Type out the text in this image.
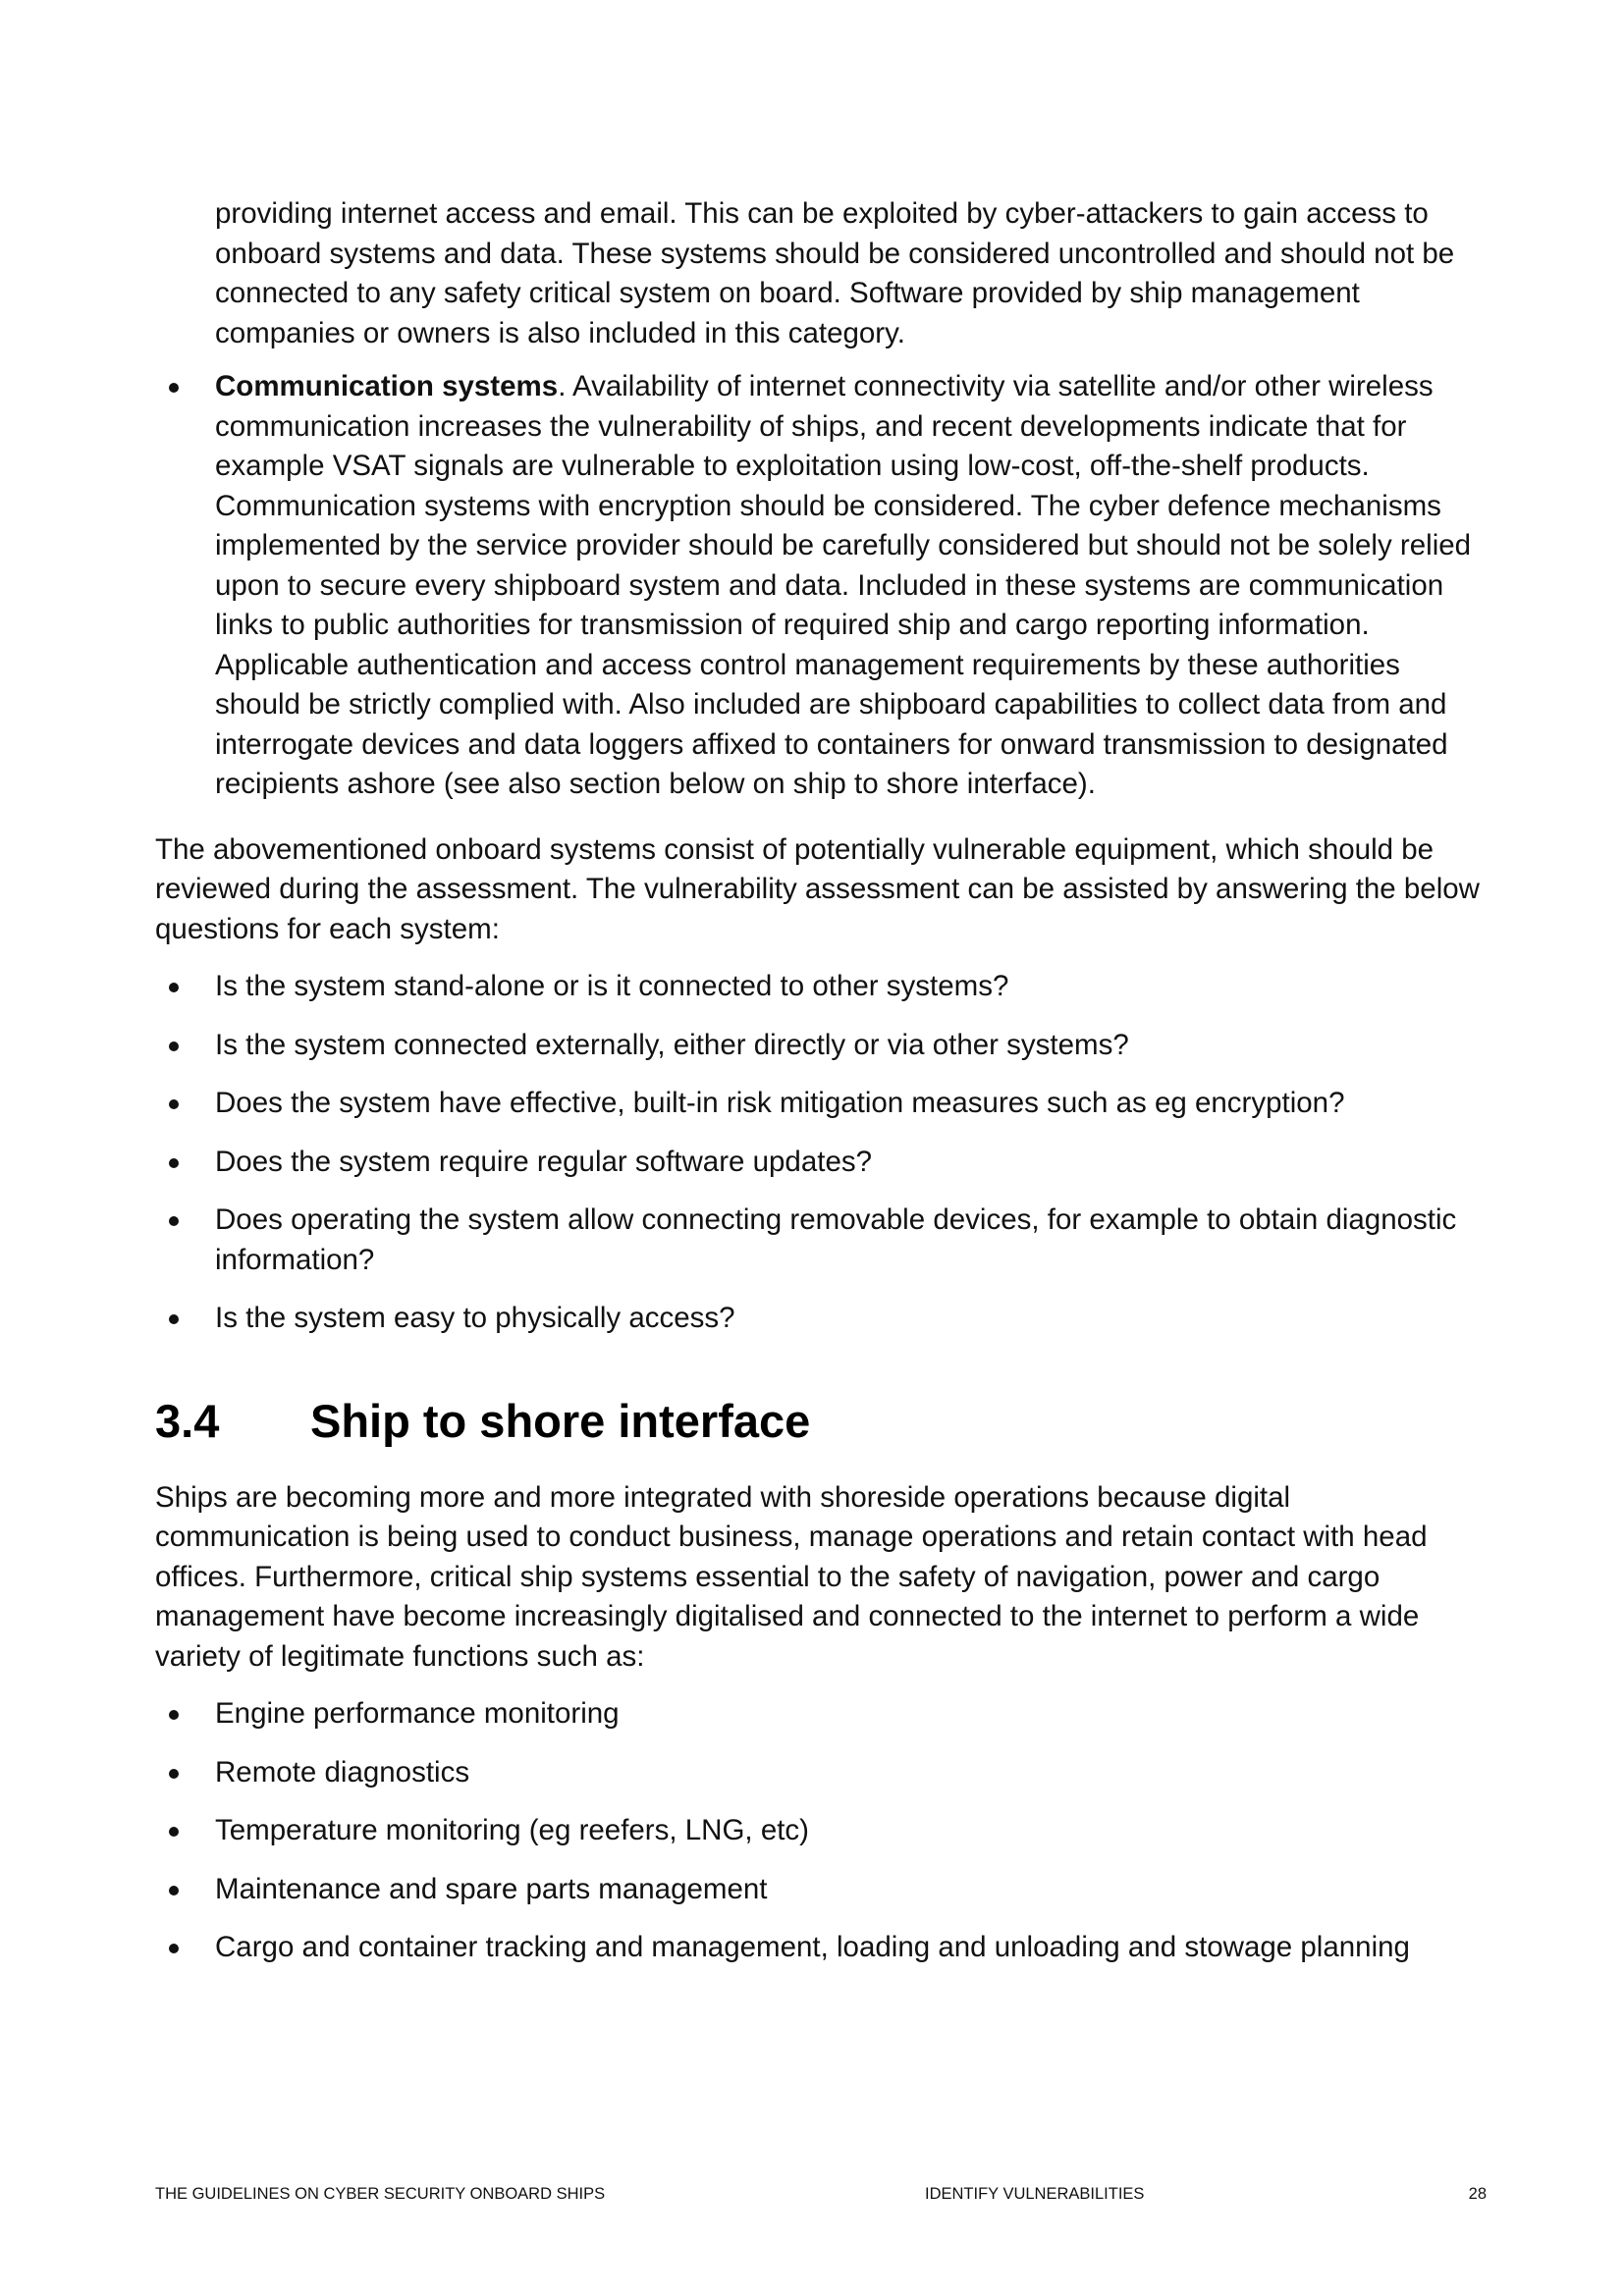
providing internet access and email. This can be exploited by cyber-attackers to gain access to onboard systems and data. These systems should be considered uncontrolled and should not be connected to any safety critical system on board. Software provided by ship management companies or owners is also included in this category.

Communication systems. Availability of internet connectivity via satellite and/or other wireless communication increases the vulnerability of ships, and recent developments indicate that for example VSAT signals are vulnerable to exploitation using low-cost, off-the-shelf products. Communication systems with encryption should be considered. The cyber defence mechanisms implemented by the service provider should be carefully considered but should not be solely relied upon to secure every shipboard system and data. Included in these systems are communication links to public authorities for transmission of required ship and cargo reporting information. Applicable authentication and access control management requirements by these authorities should be strictly complied with. Also included are shipboard capabilities to collect data from and interrogate devices and data loggers affixed to containers for onward transmission to designated recipients ashore (see also section below on ship to shore interface).

The abovementioned onboard systems consist of potentially vulnerable equipment, which should be reviewed during the assessment. The vulnerability assessment can be assisted by answering the below questions for each system:

Is the system stand-alone or is it connected to other systems?
Is the system connected externally, either directly or via other systems?
Does the system have effective, built-in risk mitigation measures such as eg encryption?
Does the system require regular software updates?
Does operating the system allow connecting removable devices, for example to obtain diagnostic information?
Is the system easy to physically access?
3.4	Ship to shore interface

Ships are becoming more and more integrated with shoreside operations because digital communication is being used to conduct business, manage operations and retain contact with head offices. Furthermore, critical ship systems essential to the safety of navigation, power and cargo management have become increasingly digitalised and connected to the internet to perform a wide variety of legitimate functions such as:

Engine performance monitoring
Remote diagnostics
Temperature monitoring (eg reefers, LNG, etc)
Maintenance and spare parts management
Cargo and container tracking and management, loading and unloading and stowage planning
THE GUIDELINES ON CYBER SECURITY ONBOARD SHIPS	IDENTIFY VULNERABILITIES	28
